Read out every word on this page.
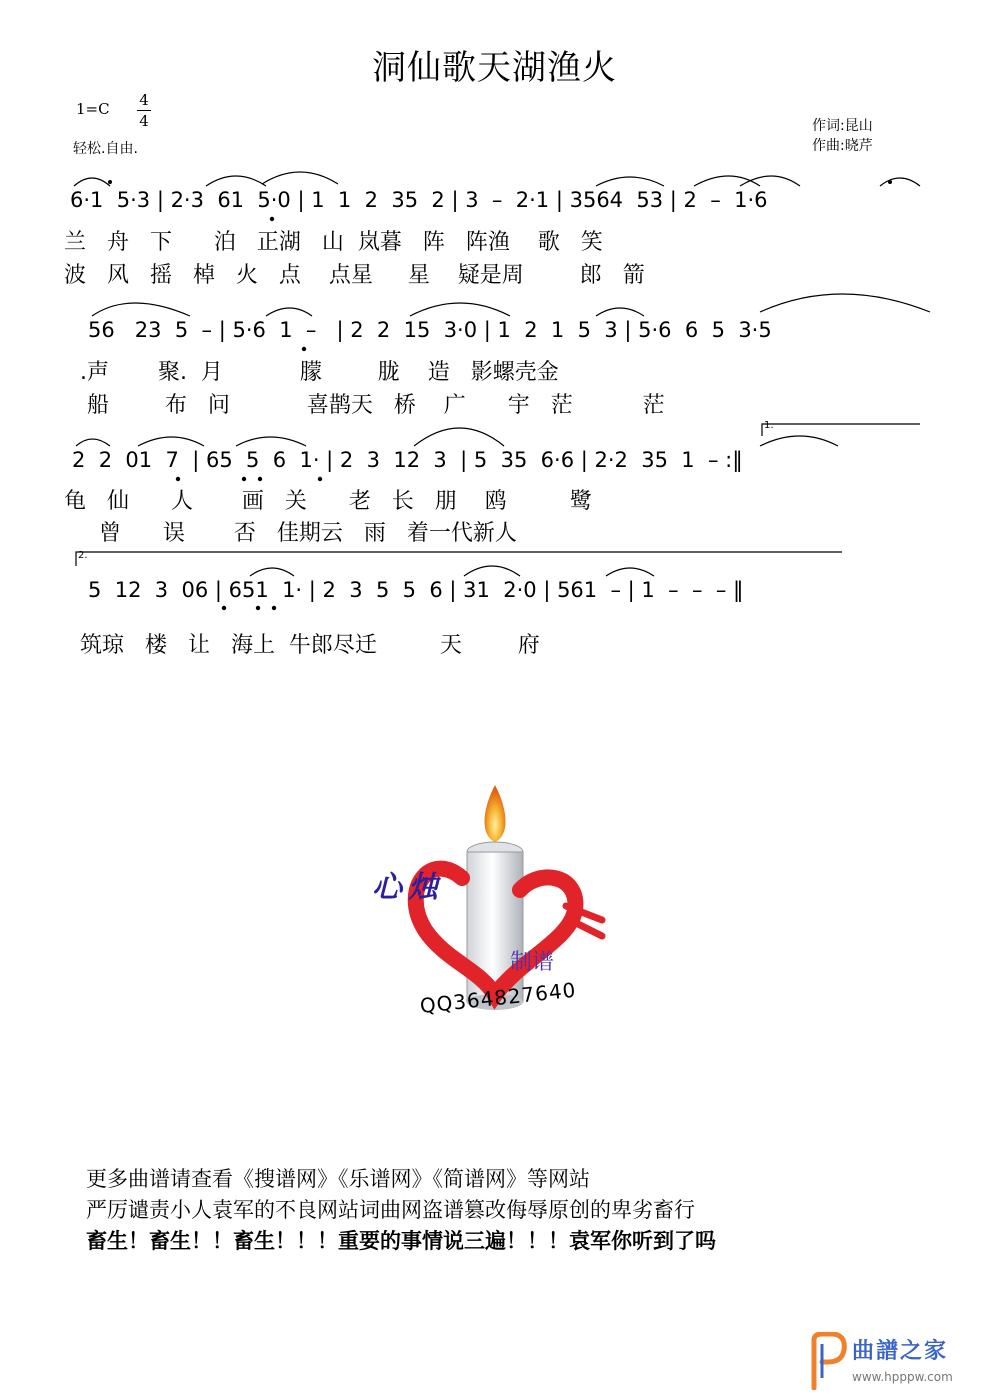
洞仙歌天湖渔火
1=C 4
4
轻松.自由.
作词:昆山
作曲:晓芹
6·1  5·3 | 2·3  61  5·0 | 1  1  2  35  2 | 3  –  2·1 | 3564  53 | 2  –  1·6
兰   舟   下      泊   正湖   山  岚暮   阵   阵渔    歌   笑
波   风   摇   棹   火   点    点星     星    疑是周        郎   箭
56   23  5  – | 5·6  1  –   | 2  2  15  3·0 | 1  2  1  5  3 | 5·6  6  5  3·5
.声       聚.  月           朦        胧    造   影螺壳金
船        布   问           喜鹊天   桥    广      宇   茫          茫
2  2  01  7  | 65  5  6  1· | 2  3  12  3  | 5  35  6·6 | 2·2  35  1  – :‖
龟   仙      人       画   关      老   长   朋    鸥         鹭
曾      误       否   佳期云   雨   着一代新人
5  12  3  06 | 651  1· | 2  3  5  5  6 | 31  2·0 | 561  – | 1  –  –  – ‖
筑琼   楼   让   海上  牛郎尽迁         天        府
1.
2.
心烛
制谱
QQ364827640
更多曲谱请查看《搜谱网》《乐谱网》《简谱网》等网站
严厉谴责小人袁军的不良网站词曲网盗谱篡改侮辱原创的卑劣畜行
畜生！畜生！！畜生！！！重要的事情说三遍！！！袁军你听到了吗
曲譜之家
www.hpppw.com
